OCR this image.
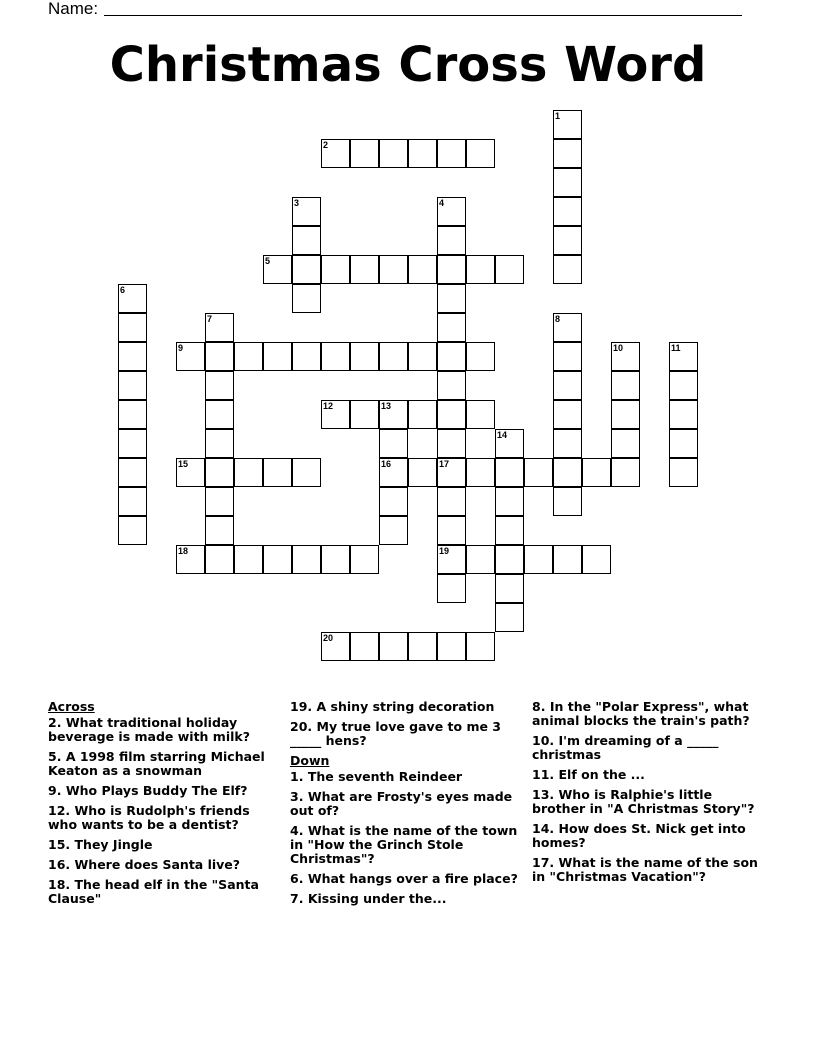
Name:
Christmas Cross Word
1
2
3	4
17
5
6
7	8
9	10	11
12	13
16
14
15
19
18
20
Across
2. What traditional holiday beverage is made with milk?
5. A 1998 film starring Michael Keaton as a snowman
9. Who Plays Buddy The Elf?
12. Who is Rudolph's friends who wants to be a dentist?
15. They Jingle
16. Where does Santa live?
18. The head elf in the "Santa Clause"
19. A shiny string decoration
20. My true love gave to me 3 _____ hens?
Down
1. The seventh Reindeer
3. What are Frosty's eyes made out of?
4. What is the name of the town in "How the Grinch Stole Christmas"?
6. What hangs over a fire place?
7. Kissing under the...
8. In the "Polar Express", what animal blocks the train's path?
10. I'm dreaming of a _____ christmas
11. Elf on the ...
13. Who is Ralphie's little brother in "A Christmas Story"?
14. How does St. Nick get into homes?
17. What is the name of the son in "Christmas Vacation"?
